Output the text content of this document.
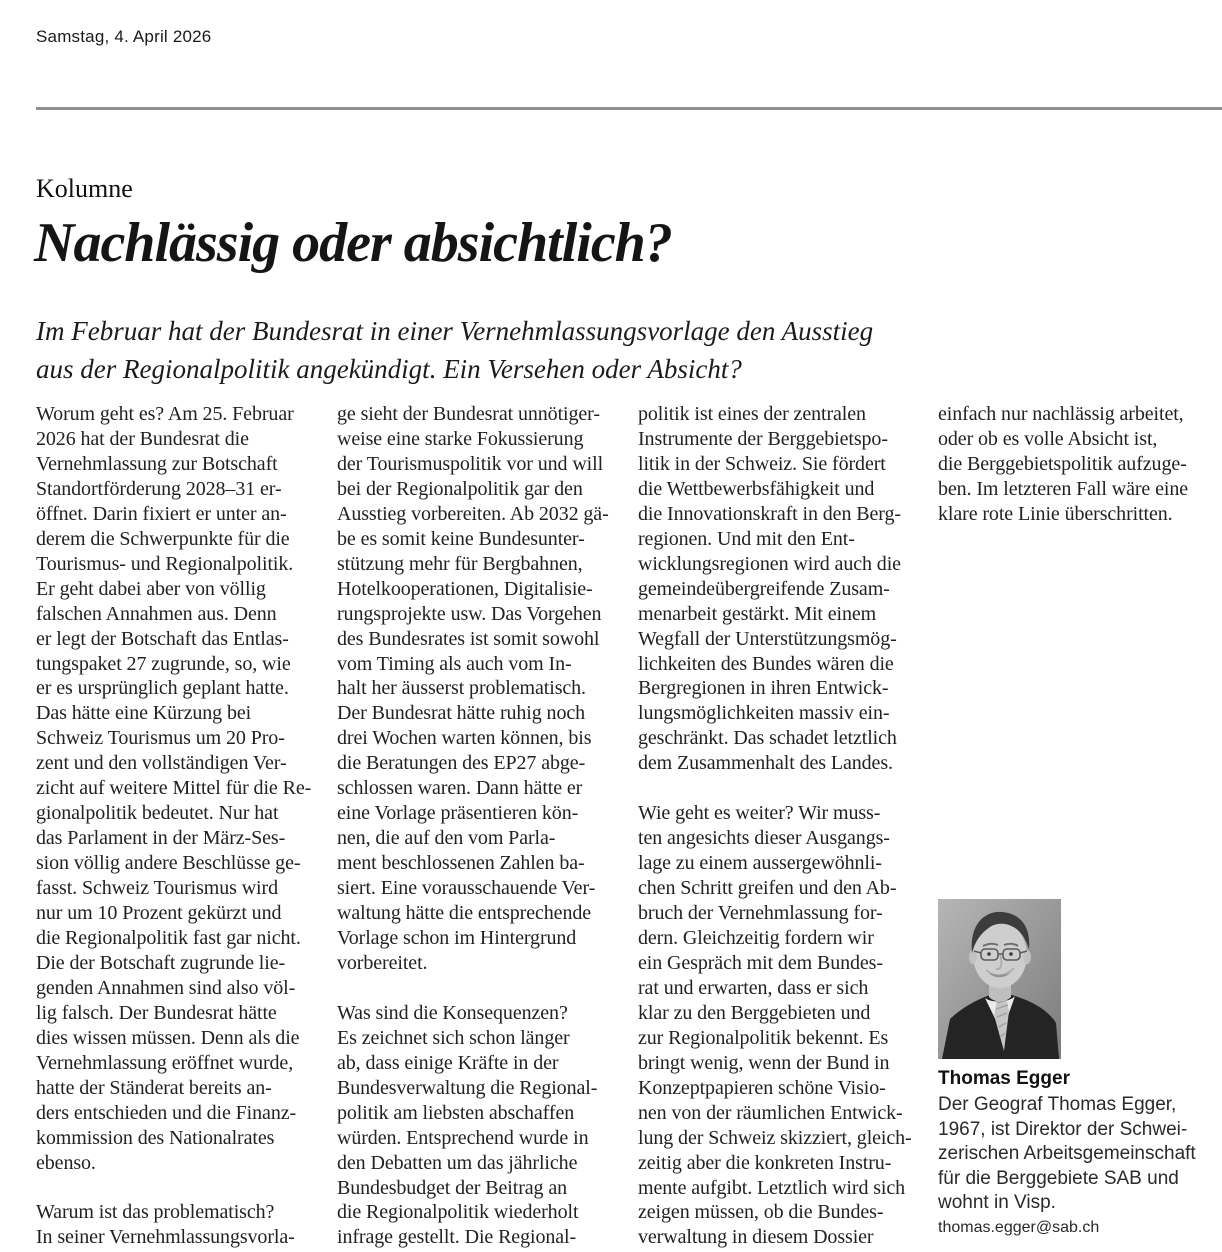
Samstag, 4. April 2026
Kolumne
Nachlässig oder absichtlich?
Im Februar hat der Bundesrat in einer Vernehmlassungsvorlage den Ausstieg
aus der Regionalpolitik angekündigt. Ein Versehen oder Absicht?
Worum geht es? Am 25. Februar
2026 hat der Bundesrat die
Vernehmlassung zur Botschaft
Standortförderung 2028–31 er-
öffnet. Darin fixiert er unter an-
derem die Schwerpunkte für die
Tourismus- und Regionalpolitik.
Er geht dabei aber von völlig
falschen Annahmen aus. Denn
er legt der Botschaft das Entlas-
tungspaket 27 zugrunde, so, wie
er es ursprünglich geplant hatte.
Das hätte eine Kürzung bei
Schweiz Tourismus um 20 Pro-
zent und den vollständigen Ver-
zicht auf weitere Mittel für die Re-
gionalpolitik bedeutet. Nur hat
das Parlament in der März-Ses-
sion völlig andere Beschlüsse ge-
fasst. Schweiz Tourismus wird
nur um 10 Prozent gekürzt und
die Regionalpolitik fast gar nicht.
Die der Botschaft zugrunde lie-
genden Annahmen sind also völ-
lig falsch. Der Bundesrat hätte
dies wissen müssen. Denn als die
Vernehmlassung eröffnet wurde,
hatte der Ständerat bereits an-
ders entschieden und die Finanz-
kommission des Nationalrates
ebenso.
Warum ist das problematisch?
In seiner Vernehmlassungsvorla-
ge sieht der Bundesrat unnötiger-
weise eine starke Fokussierung
der Tourismuspolitik vor und will
bei der Regionalpolitik gar den
Ausstieg vorbereiten. Ab 2032 gä-
be es somit keine Bundesunter-
stützung mehr für Bergbahnen,
Hotelkooperationen, Digitalisie-
rungsprojekte usw. Das Vorgehen
des Bundesrates ist somit sowohl
vom Timing als auch vom In-
halt her äusserst problematisch.
Der Bundesrat hätte ruhig noch
drei Wochen warten können, bis
die Beratungen des EP27 abge-
schlossen waren. Dann hätte er
eine Vorlage präsentieren kön-
nen, die auf den vom Parla-
ment beschlossenen Zahlen ba-
siert. Eine vorausschauende Ver-
waltung hätte die entsprechende
Vorlage schon im Hintergrund
vorbereitet.
Was sind die Konsequenzen?
Es zeichnet sich schon länger
ab, dass einige Kräfte in der
Bundesverwaltung die Regional-
politik am liebsten abschaffen
würden. Entsprechend wurde in
den Debatten um das jährliche
Bundesbudget der Beitrag an
die Regionalpolitik wiederholt
infrage gestellt. Die Regional-
politik ist eines der zentralen
Instrumente der Berggebietspo-
litik in der Schweiz. Sie fördert
die Wettbewerbsfähigkeit und
die Innovationskraft in den Berg-
regionen. Und mit den Ent-
wicklungsregionen wird auch die
gemeindeübergreifende Zusam-
menarbeit gestärkt. Mit einem
Wegfall der Unterstützungsmög-
lichkeiten des Bundes wären die
Bergregionen in ihren Entwick-
lungsmöglichkeiten massiv ein-
geschränkt. Das schadet letztlich
dem Zusammenhalt des Landes.
Wie geht es weiter? Wir muss-
ten angesichts dieser Ausgangs-
lage zu einem aussergewöhnli-
chen Schritt greifen und den Ab-
bruch der Vernehmlassung for-
dern. Gleichzeitig fordern wir
ein Gespräch mit dem Bundes-
rat und erwarten, dass er sich
klar zu den Berggebieten und
zur Regionalpolitik bekennt. Es
bringt wenig, wenn der Bund in
Konzeptpapieren schöne Visio-
nen von der räumlichen Entwick-
lung der Schweiz skizziert, gleich-
zeitig aber die konkreten Instru-
mente aufgibt. Letztlich wird sich
zeigen müssen, ob die Bundes-
verwaltung in diesem Dossier
einfach nur nachlässig arbeitet,
oder ob es volle Absicht ist,
die Berggebietspolitik aufzuge-
ben. Im letzteren Fall wäre eine
klare rote Linie überschritten.
Thomas Egger
Der Geograf Thomas Egger,
1967, ist Direktor der Schwei-
zerischen Arbeitsgemeinschaft
für die Berggebiete SAB und
wohnt in Visp.
thomas.egger@sab.ch
